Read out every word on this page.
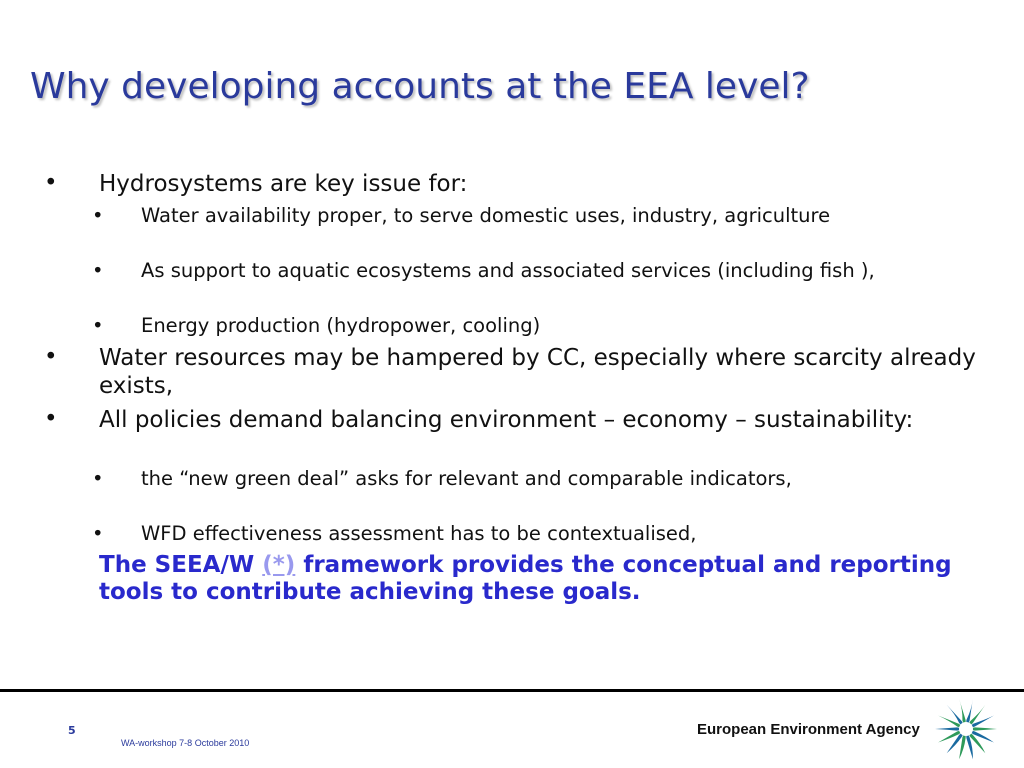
Why developing accounts at the EEA level?
• Hydrosystems are key issue for:
• Water availability proper, to serve domestic uses, industry, agriculture
• As support to aquatic ecosystems and associated services (including fish ),
• Energy production (hydropower, cooling)
• Water resources may be hampered by CC, especially where scarcity already exists,
• All policies demand balancing environment – economy – sustainability:
• the “new green deal” asks for relevant and comparable indicators,
• WFD effectiveness assessment has to be contextualised,
The SEEA/W (*) framework provides the conceptual and reporting tools to contribute achieving these goals.
5
WA-workshop 7-8 October 2010
European Environment Agency
